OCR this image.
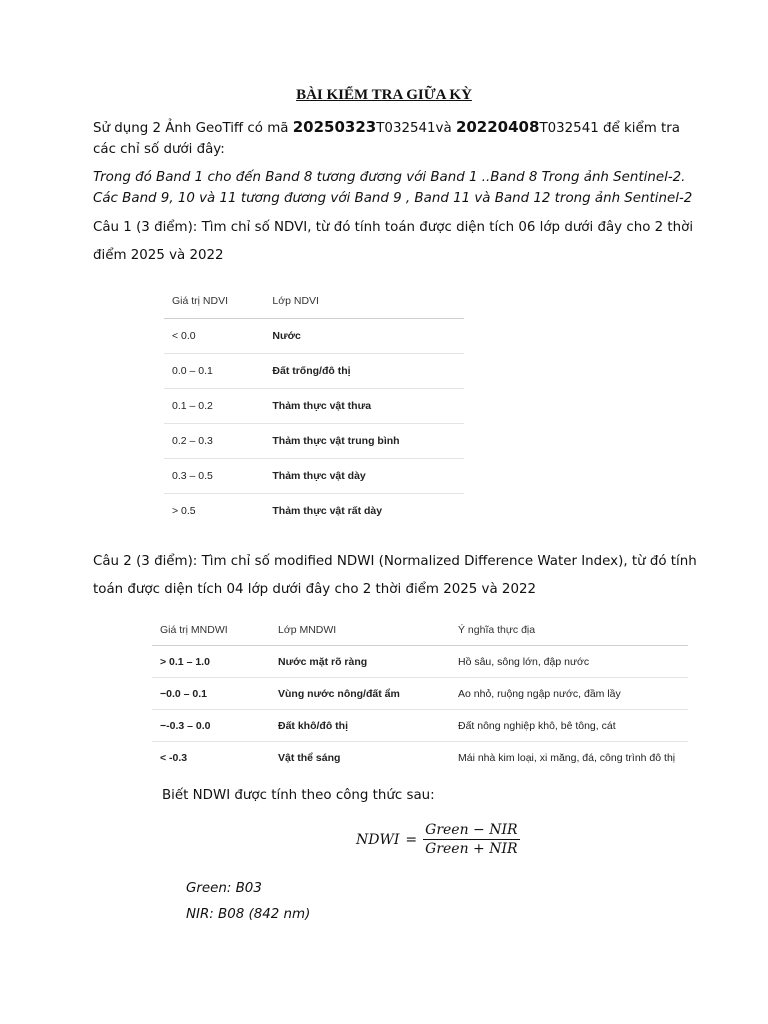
BÀI KIỂM TRA GIỮA KỲ
Sử dụng 2 Ảnh GeoTiff có mã 20250323T032541và 20220408T032541 để kiểm tra các chỉ số dưới đây:
Trong đó Band 1 cho đến Band 8 tương đương với Band 1 ..Band 8 Trong ảnh Sentinel-2. Các Band 9, 10 và 11 tương đương với Band 9 , Band 11 và Band 12 trong ảnh Sentinel-2
Câu 1 (3 điểm): Tìm chỉ số NDVI, từ đó tính toán được diện tích 06 lớp dưới đây cho 2 thời điểm 2025 và 2022
Giá trị NDVI	Lớp NDVI
< 0.0	Nước
0.0 – 0.1	Đất trống/đô thị
0.1 – 0.2	Thảm thực vật thưa
0.2 – 0.3	Thảm thực vật trung bình
0.3 – 0.5	Thảm thực vật dày
> 0.5	Thảm thực vật rất dày
Câu 2 (3 điểm): Tìm chỉ số modified NDWI (Normalized Difference Water Index), từ đó tính toán được diện tích 04 lớp dưới đây cho 2 thời điểm 2025 và 2022
Giá trị MNDWI	Lớp MNDWI	Ý nghĩa thực địa
> 0.1 – 1.0	Nước mặt rõ ràng	Hồ sâu, sông lớn, đập nước
−0.0 – 0.1	Vùng nước nông/đất ẩm	Ao nhỏ, ruộng ngập nước, đầm lầy
−-0.3 – 0.0	Đất khô/đô thị	Đất nông nghiệp khô, bê tông, cát
< -0.3	Vật thể sáng	Mái nhà kim loại, xi măng, đá, công trình đô thị
Biết NDWI được tính theo công thức sau:
NDWI = $\frac{\text{Green − NIR}}{\text{Green + NIR}}$
Green: B03
NIR: B08 (842 nm)
